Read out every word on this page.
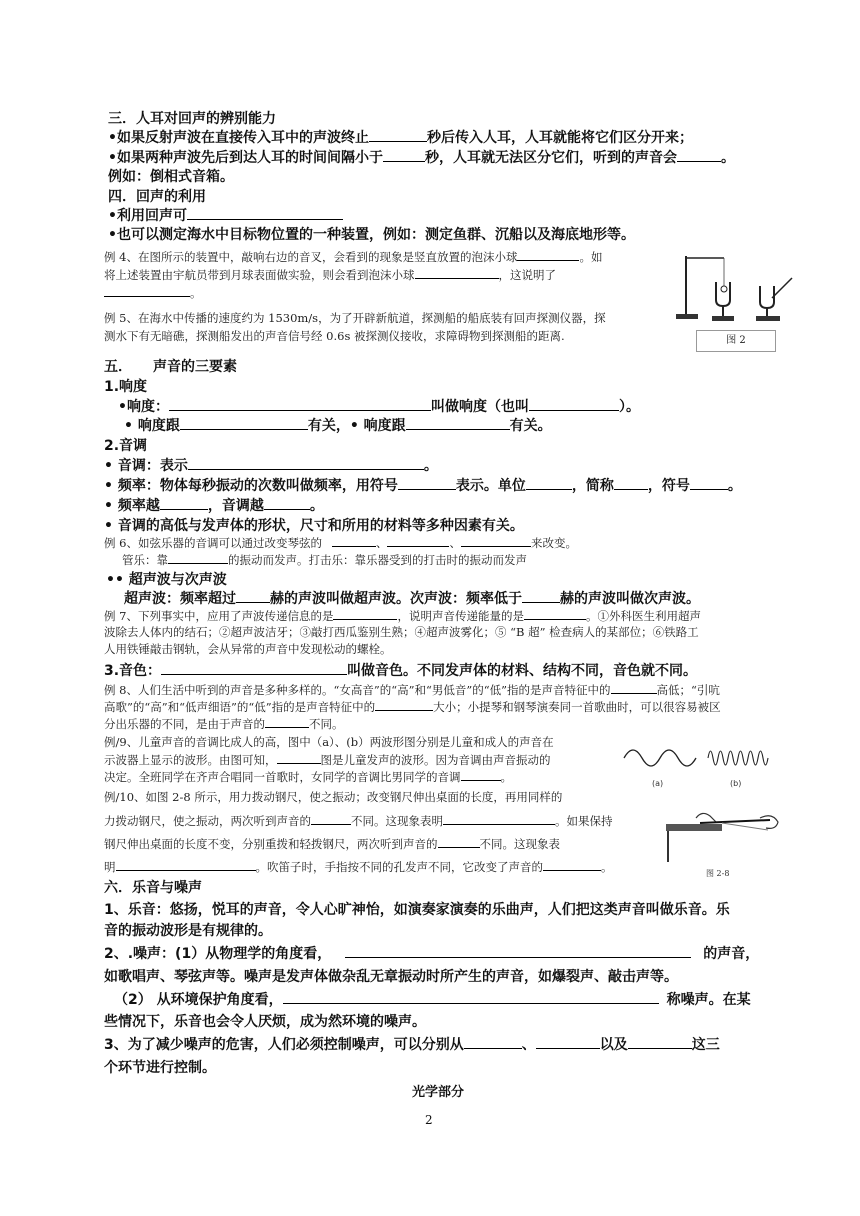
三．人耳对回声的辨别能力
•如果反射声波在直接传入耳中的声波终止	秒后传入人耳，人耳就能将它们区分开来；
•如果两种声波先后到达人耳的时间间隔小于	秒，人耳就无法区分它们，听到的声音会	。
例如：倒相式音箱。
四．回声的利用
•利用回声可
•也可以测定海水中目标物位置的一种装置，例如：测定鱼群、沉船以及海底地形等。
例 4、在图所示的装置中，敲响右边的音叉，会看到的现象是竖直放置的泡沫小球	。如
将上述装置由宇航员带到月球表面做实验，则会看到泡沫小球	，这说明了
。
图 2
例 5、在海水中传播的速度约为 1530m/s，为了开辟新航道，探测船的船底装有回声探测仪器，探
测水下有无暗礁，探测船发出的声音信号经 0.6s 被探测仪接收，求障碍物到探测船的距离.
五．　　声音的三要素
1.响度
•响度：	叫做响度（也叫	）。
• 响度跟	有关，• 响度跟	有关。
2.音调
• 音调：表示	。
• 频率：物体每秒振动的次数叫做频率，用符号	表示。单位	，简称 ，符号	。
• 频率越	，音调越	。
• 音调的高低与发声体的形状，尺寸和所用的材料等多种因素有关。
例 6、如弦乐器的音调可以通过改变琴弦的	、	、	来改变。
管乐：靠	的振动而发声。打击乐：靠乐器受到的打击时的振动而发声
•• 超声波与次声波
超声波：频率超过 赫的声波叫做超声波。次声波：频率低于	赫的声波叫做次声波。
例 7、下列事实中，应用了声波传递信息的是	，说明声音传递能量的是	。①外科医生利用超声
波除去人体内的结石；②超声波洁牙；③敲打西瓜鉴别生熟；④超声波雾化；⑤ “B 超” 检查病人的某部位；⑥铁路工
人用铁锤敲击钢轨，会从异常的声音中发现松动的螺栓。
3.音色：	叫做音色。不同发声体的材料、结构不同，音色就不同。
例 8、人们生活中听到的声音是多种多样的。“女高音”的“高”和“男低音”的“低”指的是声音特征中的	高低；“引吭
高歌”的“高”和“低声细语”的“低”指的是声音特征中的	大小；小提琴和钢琴演奏同一首歌曲时，可以很容易被区
分出乐器的不同，是由于声音的	不同。
例/9、儿童声音的音调比成人的高，图中（a）、(b）两波形图分别是儿童和成人的声音在
示波器上显示的波形。由图可知，	图是儿童发声的波形。因为音调由声音振动的
决定。全班同学在齐声合唱同一首歌时，女同学的音调比男同学的音调	。	(a)	(b)
例/10、如图 2-8 所示，用力拨动钢尺，使之振动；改变钢尺伸出桌面的长度，再用同样的
力拨动钢尺，使之振动，两次听到声音的	不同。这现象表明	。如果保持
钢尺伸出桌面的长度不变，分别重拨和轻拨钢尺，两次听到声音的	不同。这现象表
明	。吹笛子时，手指按不同的孔发声不同，它改变了声音的	。	图 2-8
六．乐音与噪声
1、乐音：悠扬，悦耳的声音，令人心旷神怡，如演奏家演奏的乐曲声，人们把这类声音叫做乐音。乐
音的振动波形是有规律的。
2、.噪声：(1）从物理学的角度看，	的声音，
如歌唱声、琴弦声等。噪声是发声体做杂乱无章振动时所产生的声音，如爆裂声、敲击声等。
（2） 从环境保护角度看，	称噪声。在某
些情况下，乐音也会令人厌烦，成为然环境的噪声。
3、为了减少噪声的危害，人们必须控制噪声，可以分别从	、	以及	这三
个环节进行控制。
光学部分
2
